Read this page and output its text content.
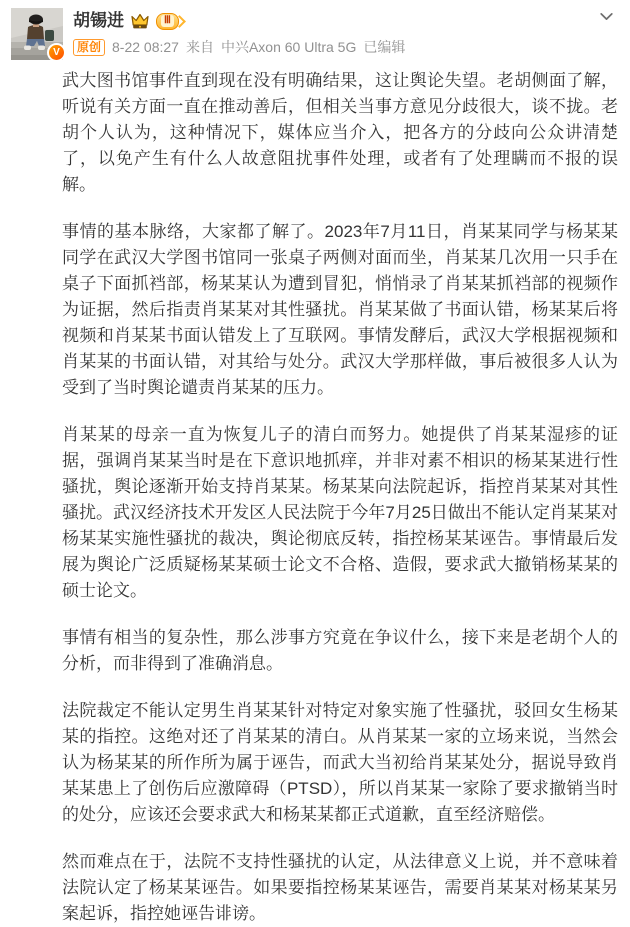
V
胡锡进	Ⅲ
原创 8-22 08:27 来自 中兴Axon 60 Ultra 5G 已编辑

武大图书馆事件直到现在没有明确结果，这让舆论失望。老胡侧面了解，听说有关方面一直在推动善后，但相关当事方意见分歧很大，谈不拢。老胡个人认为，这种情况下，媒体应当介入，把各方的分歧向公众讲清楚了，以免产生有什么人故意阻扰事件处理，或者有了处理瞒而不报的误解。

事情的基本脉络，大家都了解了。2023年7月11日，肖某某同学与杨某某同学在武汉大学图书馆同一张桌子两侧对面而坐，肖某某几次用一只手在桌子下面抓裆部，杨某某认为遭到冒犯，悄悄录了肖某某抓裆部的视频作为证据，然后指责肖某某对其性骚扰。肖某某做了书面认错，杨某某后将视频和肖某某书面认错发上了互联网。事情发酵后，武汉大学根据视频和肖某某的书面认错，对其给与处分。武汉大学那样做，事后被很多人认为受到了当时舆论谴责肖某某的压力。

肖某某的母亲一直为恢复儿子的清白而努力。她提供了肖某某湿疹的证据，强调肖某某当时是在下意识地抓痒，并非对素不相识的杨某某进行性骚扰，舆论逐渐开始支持肖某某。杨某某向法院起诉，指控肖某某对其性骚扰。武汉经济技术开发区人民法院于今年7月25日做出不能认定肖某某对杨某某实施性骚扰的裁决，舆论彻底反转，指控杨某某诬告。事情最后发展为舆论广泛质疑杨某某硕士论文不合格、造假，要求武大撤销杨某某的硕士论文。

事情有相当的复杂性，那么涉事方究竟在争议什么，接下来是老胡个人的分析，而非得到了准确消息。

法院裁定不能认定男生肖某某针对特定对象实施了性骚扰，驳回女生杨某某的指控。这绝对还了肖某某的清白。从肖某某一家的立场来说，当然会认为杨某某的所作所为属于诬告，而武大当初给肖某某处分，据说导致肖某某患上了创伤后应激障碍（PTSD），所以肖某某一家除了要求撤销当时的处分，应该还会要求武大和杨某某都正式道歉，直至经济赔偿。

然而难点在于，法院不支持性骚扰的认定，从法律意义上说，并不意味着法院认定了杨某某诬告。如果要指控杨某某诬告，需要肖某某对杨某某另案起诉，指控她诬告诽谤。
